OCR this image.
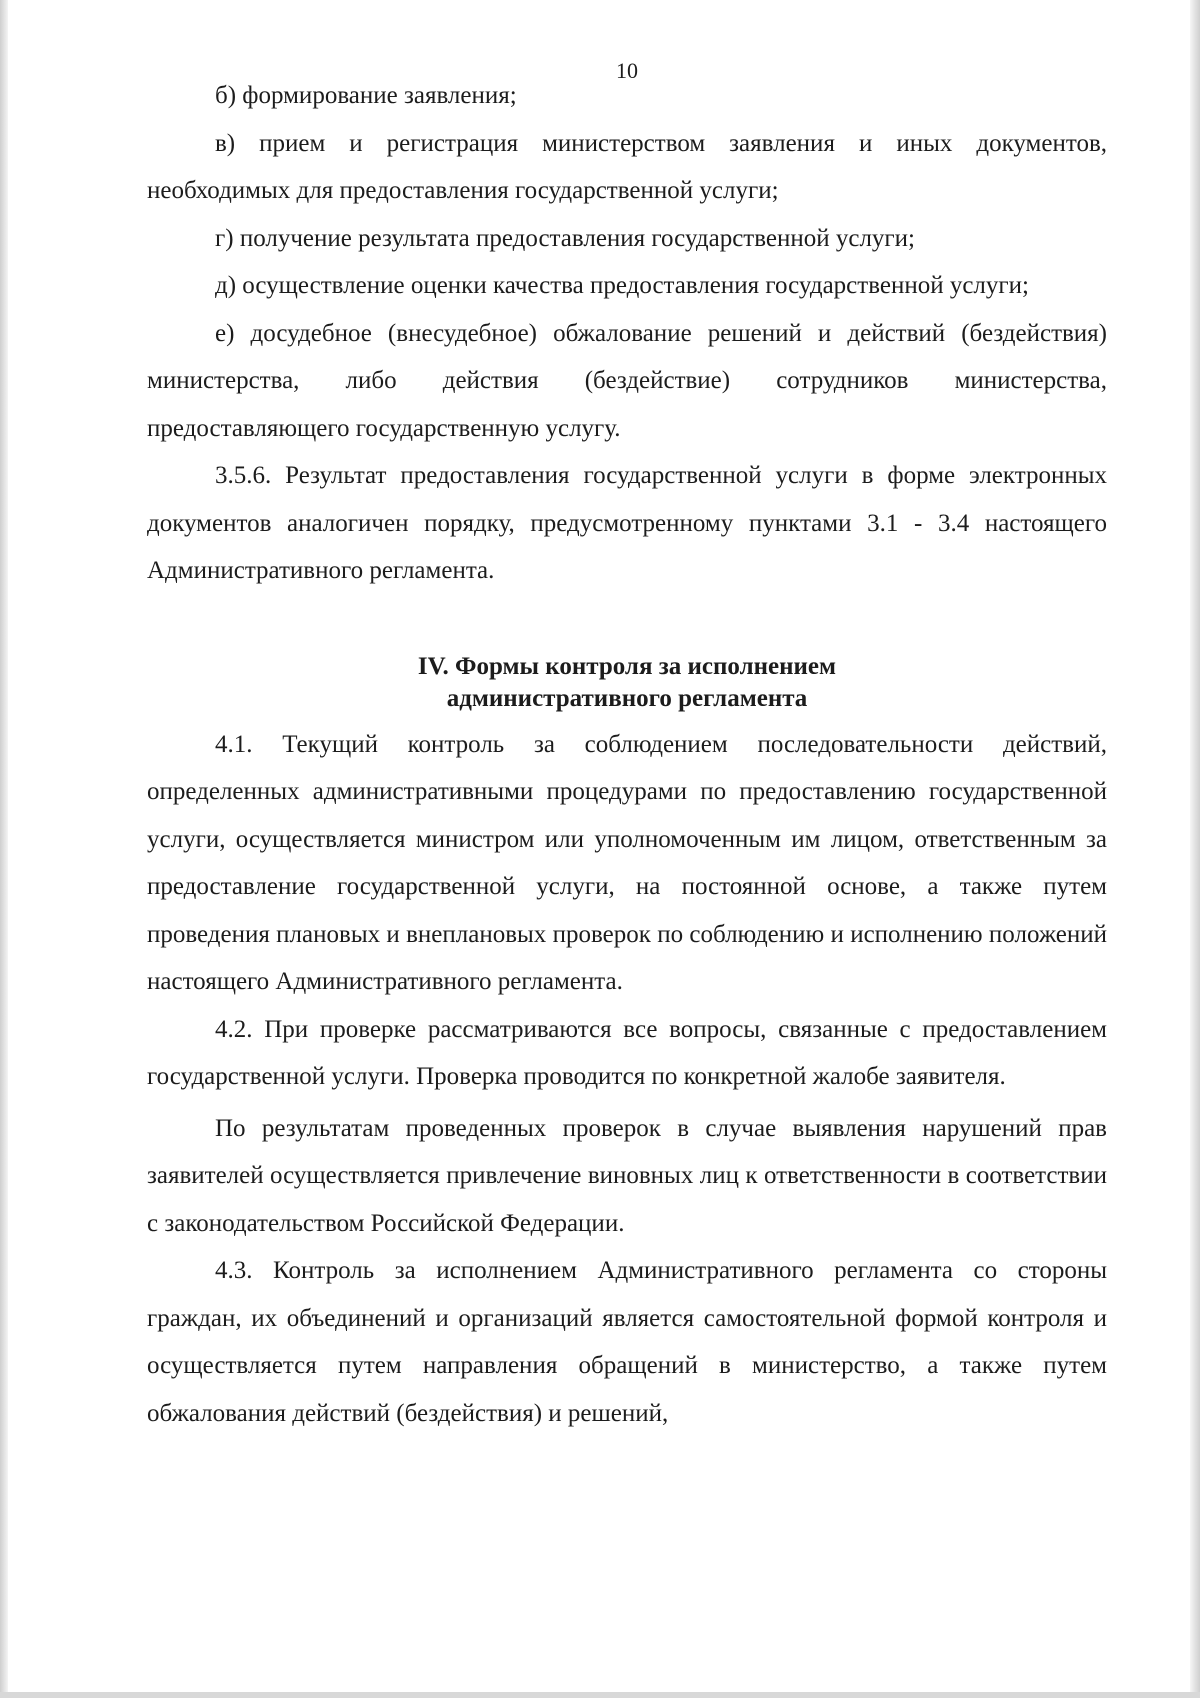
10

б) формирование заявления;

в) прием и регистрация министерством заявления и иных документов, необходимых для предоставления государственной услуги;

г) получение результата предоставления государственной услуги;

д) осуществление оценки качества предоставления государственной услуги;

е) досудебное (внесудебное) обжалование решений и действий (бездействия) министерства, либо действия (бездействие) сотрудников министерства, предоставляющего государственную услугу.

3.5.6. Результат предоставления государственной услуги в форме электронных документов аналогичен порядку, предусмотренному пунктами 3.1 - 3.4 настоящего Административного регламента.

IV. Формы контроля за исполнением
административного регламента

4.1. Текущий контроль за соблюдением последовательности действий, определенных административными процедурами по предоставлению государственной услуги, осуществляется министром или уполномоченным им лицом, ответственным за предоставление государственной услуги, на постоянной основе, а также путем проведения плановых и внеплановых проверок по соблюдению и исполнению положений настоящего Административного регламента.

4.2. При проверке рассматриваются все вопросы, связанные с предоставлением государственной услуги. Проверка проводится по конкретной жалобе заявителя.

По результатам проведенных проверок в случае выявления нарушений прав заявителей осуществляется привлечение виновных лиц к ответственности в соответствии с законодательством Российской Федерации.

4.3. Контроль за исполнением Административного регламента со стороны граждан, их объединений и организаций является самостоятельной формой контроля и осуществляется путем направления обращений в министерство, а также путем обжалования действий (бездействия) и решений,
